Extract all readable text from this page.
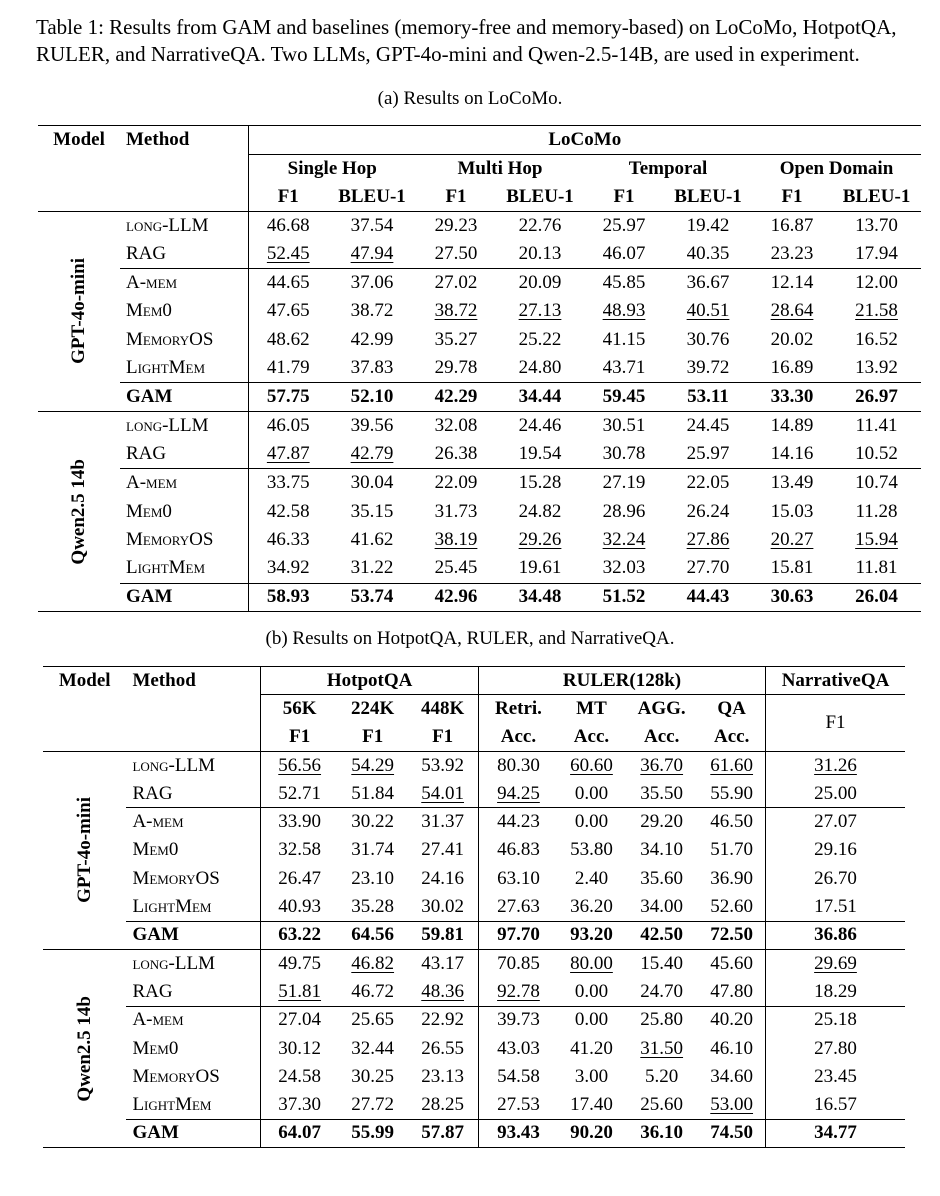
Table 1: Results from GAM and baselines (memory-free and memory-based) on LoCoMo, HotpotQA, RULER, and NarrativeQA. Two LLMs, GPT-4o-mini and Qwen-2.5-14B, are used in experiment.
(a) Results on LoCoMo.
Model	Method	LoCoMo							
		Single Hop		Multi Hop		Temporal		Open Domain	
		F1	BLEU-1	F1	BLEU-1	F1	BLEU-1	F1	BLEU-1

GPT-4o-mini	long-LLM	46.68	37.54	29.23	22.76	25.97	19.42	16.87	13.70
	RAG	52.45	47.94	27.50	20.13	46.07	40.35	23.23	17.94
	A-mem	44.65	37.06	27.02	20.09	45.85	36.67	12.14	12.00
	Mem0	47.65	38.72	38.72	27.13	48.93	40.51	28.64	21.58
	MemoryOS	48.62	42.99	35.27	25.22	41.15	30.76	20.02	16.52
	LightMem	41.79	37.83	29.78	24.80	43.71	39.72	16.89	13.92
	GAM	57.75	52.10	42.29	34.44	59.45	53.11	33.30	26.97

Qwen2.5 14b	long-LLM	46.05	39.56	32.08	24.46	30.51	24.45	14.89	11.41
	RAG	47.87	42.79	26.38	19.54	30.78	25.97	14.16	10.52
	A-mem	33.75	30.04	22.09	15.28	27.19	22.05	13.49	10.74
	Mem0	42.58	35.15	31.73	24.82	28.96	26.24	15.03	11.28
	MemoryOS	46.33	41.62	38.19	29.26	32.24	27.86	20.27	15.94
	LightMem	34.92	31.22	25.45	19.61	32.03	27.70	15.81	11.81
	GAM	58.93	53.74	42.96	34.48	51.52	44.43	30.63	26.04
(b) Results on HotpotQA, RULER, and NarrativeQA.
Model	Method	HotpotQA			RULER(128k)				NarrativeQA
		56K	224K	448K	Retri.	MT	AGG.	QA	F1
		F1	F1	F1	Acc.	Acc.	Acc.	Acc.	

GPT-4o-mini	long-LLM	56.56	54.29	53.92	80.30	60.60	36.70	61.60	31.26
	RAG	52.71	51.84	54.01	94.25	0.00	35.50	55.90	25.00
	A-mem	33.90	30.22	31.37	44.23	0.00	29.20	46.50	27.07
	Mem0	32.58	31.74	27.41	46.83	53.80	34.10	51.70	29.16
	MemoryOS	26.47	23.10	24.16	63.10	2.40	35.60	36.90	26.70
	LightMem	40.93	35.28	30.02	27.63	36.20	34.00	52.60	17.51
	GAM	63.22	64.56	59.81	97.70	93.20	42.50	72.50	36.86

Qwen2.5 14b	long-LLM	49.75	46.82	43.17	70.85	80.00	15.40	45.60	29.69
	RAG	51.81	46.72	48.36	92.78	0.00	24.70	47.80	18.29
	A-mem	27.04	25.65	22.92	39.73	0.00	25.80	40.20	25.18
	Mem0	30.12	32.44	26.55	43.03	41.20	31.50	46.10	27.80
	MemoryOS	24.58	30.25	23.13	54.58	3.00	5.20	34.60	23.45
	LightMem	37.30	27.72	28.25	27.53	17.40	25.60	53.00	16.57
	GAM	64.07	55.99	57.87	93.43	90.20	36.10	74.50	34.77
